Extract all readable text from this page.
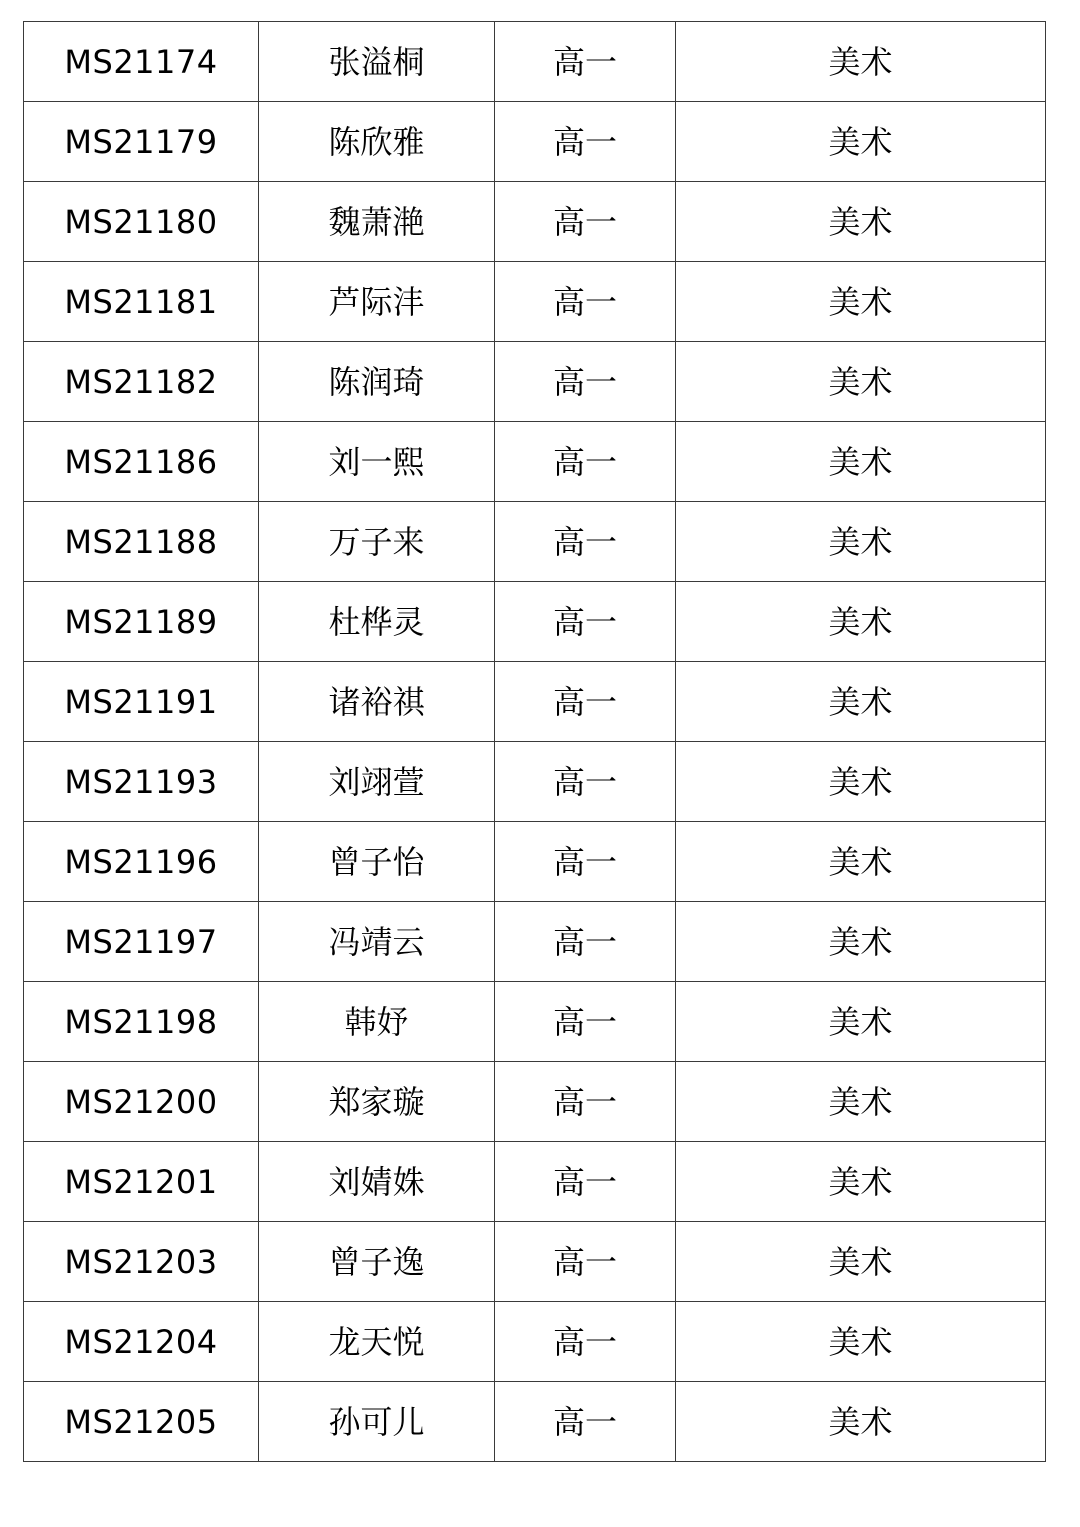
MS21174	张溢桐	高一	美术
MS21179	陈欣雅	高一	美术
MS21180	魏萧滟	高一	美术
MS21181	芦际沣	高一	美术
MS21182	陈润琦	高一	美术
MS21186	刘一熙	高一	美术
MS21188	万子来	高一	美术
MS21189	杜桦灵	高一	美术
MS21191	诸裕祺	高一	美术
MS21193	刘翊萱	高一	美术
MS21196	曾子怡	高一	美术
MS21197	冯靖云	高一	美术
MS21198	韩妤	高一	美术
MS21200	郑家璇	高一	美术
MS21201	刘婧姝	高一	美术
MS21203	曾子逸	高一	美术
MS21204	龙天悦	高一	美术
MS21205	孙可儿	高一	美术
